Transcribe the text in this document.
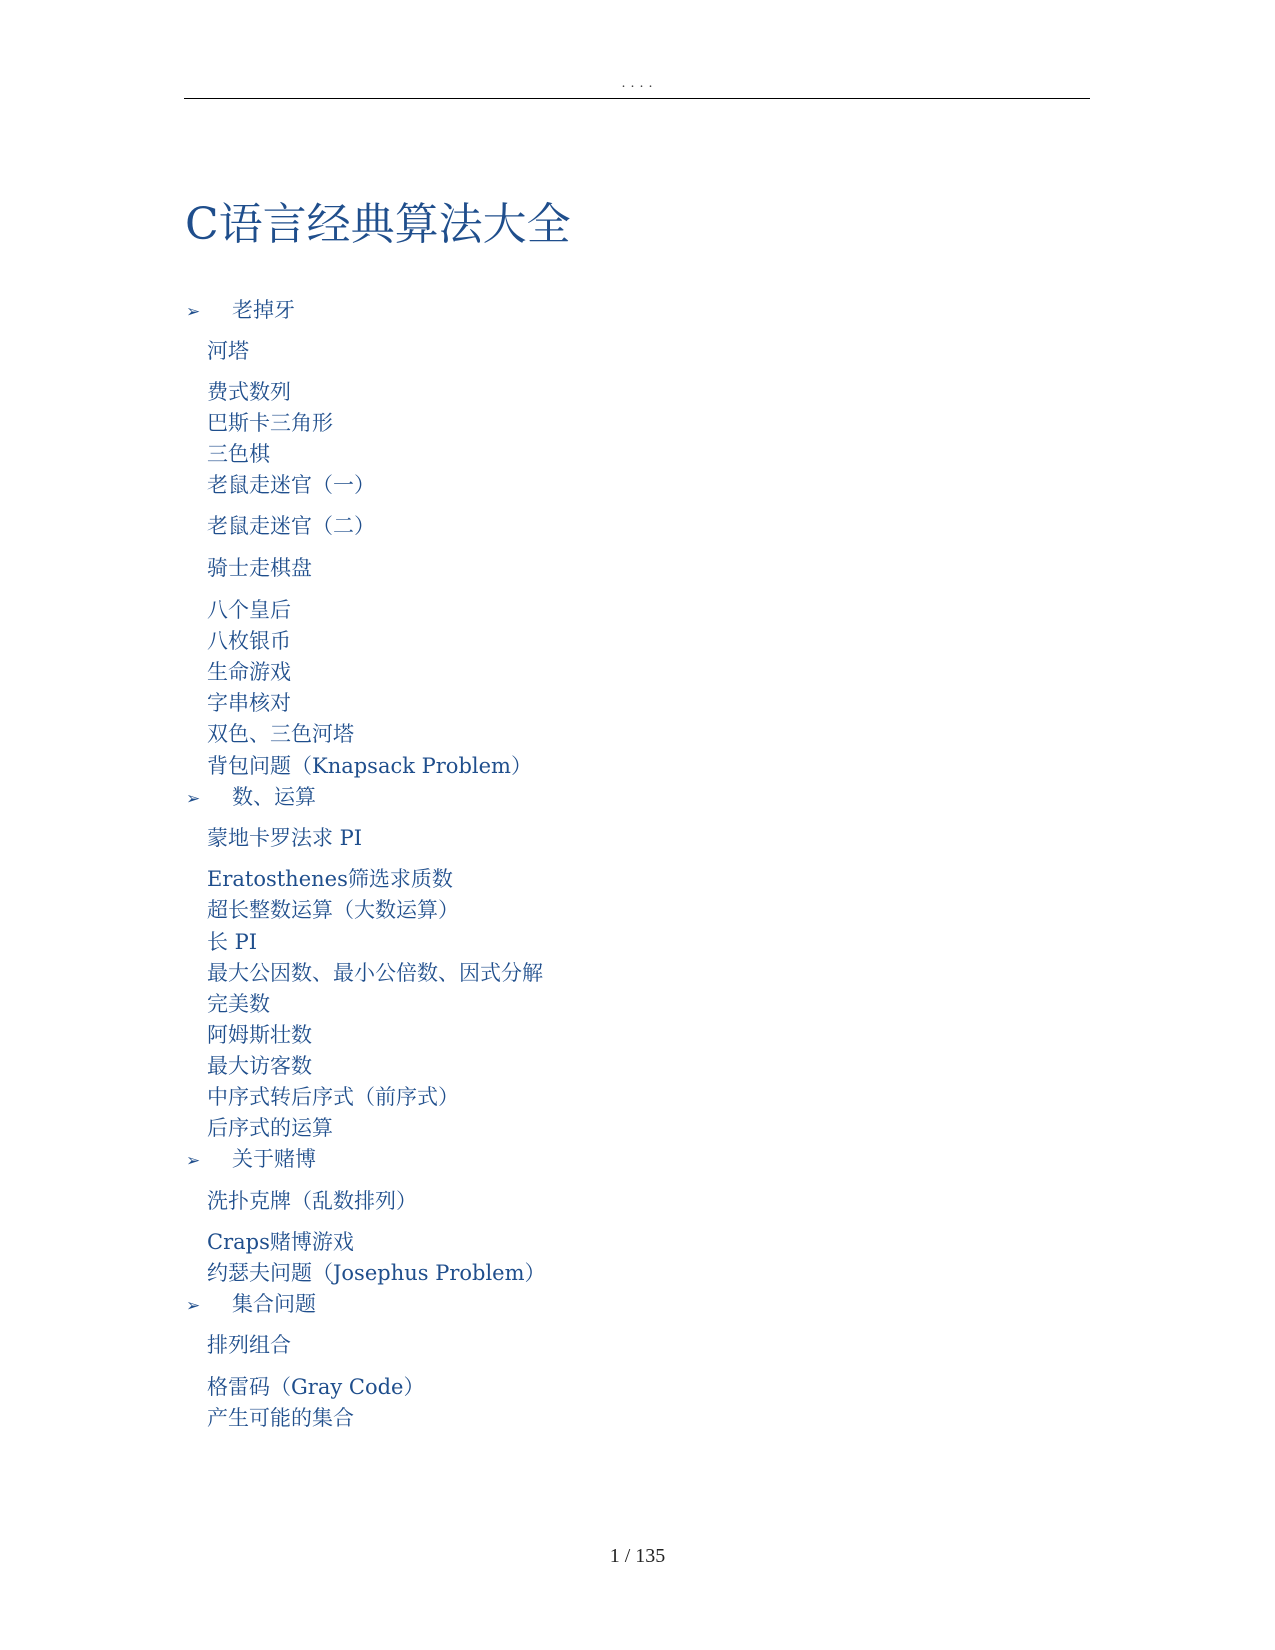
. . . .
C语言经典算法大全
➢ 老掉牙
河塔
费式数列
巴斯卡三角形
三色棋
老鼠走迷官（一）
老鼠走迷官（二）
骑士走棋盘
八个皇后
八枚银币
生命游戏
字串核对
双色、三色河塔
背包问题（Knapsack Problem）
➢ 数、运算
蒙地卡罗法求 PI
Eratosthenes筛选求质数
超长整数运算（大数运算）
长 PI
最大公因数、最小公倍数、因式分解
完美数
阿姆斯壮数
最大访客数
中序式转后序式（前序式）
后序式的运算
➢ 关于赌博
洗扑克牌（乱数排列）
Craps赌博游戏
约瑟夫问题（Josephus Problem）
➢ 集合问题
排列组合
格雷码（Gray Code）
产生可能的集合
1 / 135
